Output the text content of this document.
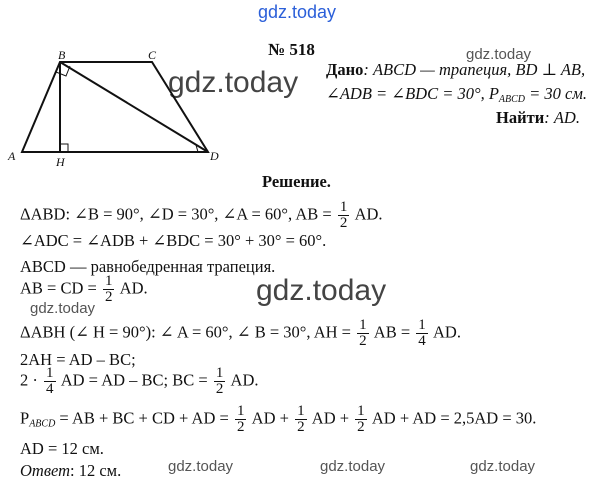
gdz.today
gdz.today
gdz.today
gdz.today
gdz.today
gdz.today	gdz.today	gdz.today
№ 518
B	C
A	H	D
Дано: ABCD — трапеция, BD ⊥ AB,
∠ADB = ∠BDC = 30°, $P_{ABCD} = 30$ см.
Найти: AD.
Решение.
ΔABD: ∠B = 90°, ∠D = 30°, ∠A = 60°, AB = $\frac{1}{2}$ AD.
∠ADC = ∠ADB + ∠BDC = 30° + 30° = 60°.
ABCD — равнобедренная трапеция.
AB = CD = $\frac{1}{2}$ AD.
ΔABH (∠ H = 90°): ∠ A = 60°, ∠ B = 30°, AH = $\frac{1}{2}$ AB = $\frac{1}{4}$ AD.
2AH = AD – BC;
$2 \cdot \frac{1}{4}$ AD = AD – BC; BC = $\frac{1}{2}$ AD.
$P_{ABCD}$ = AB + BC + CD + AD = $\frac{1}{2}$ AD + $\frac{1}{2}$ AD + $\frac{1}{2}$ AD + AD = 2,5AD = 30.
AD = 12 см.
Ответ: 12 см.
